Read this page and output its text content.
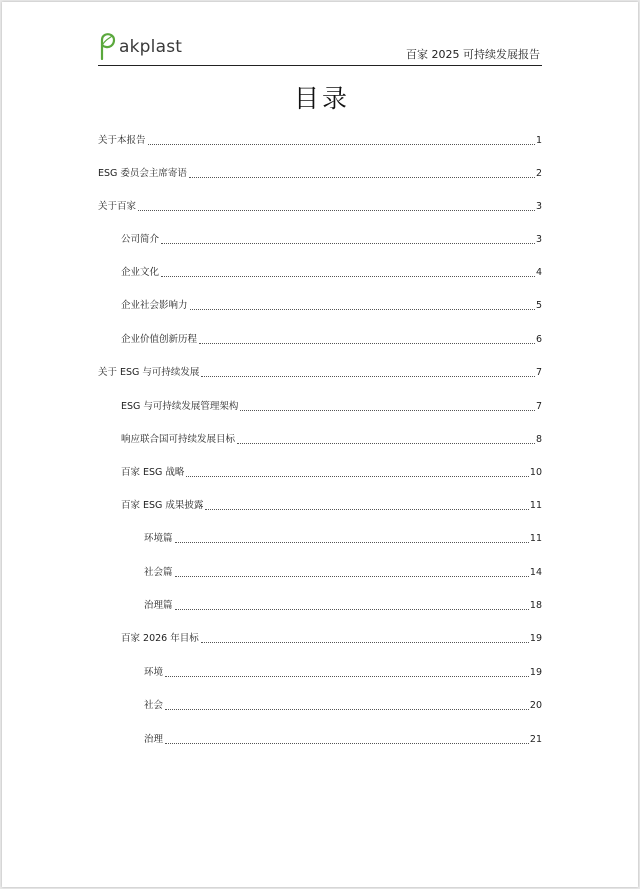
akplast	百家 2025 可持续发展报告
目录
关于本报告	1
ESG 委员会主席寄语	2
关于百家	3
公司简介	3
企业文化	4
企业社会影响力	5
企业价值创新历程	6
关于 ESG 与可持续发展	7
ESG 与可持续发展管理架构	7
响应联合国可持续发展目标	8
百家 ESG 战略	10
百家 ESG 成果披露	11
环境篇	11
社会篇	14
治理篇	18
百家 2026 年目标	19
环境	19
社会	20
治理	21
